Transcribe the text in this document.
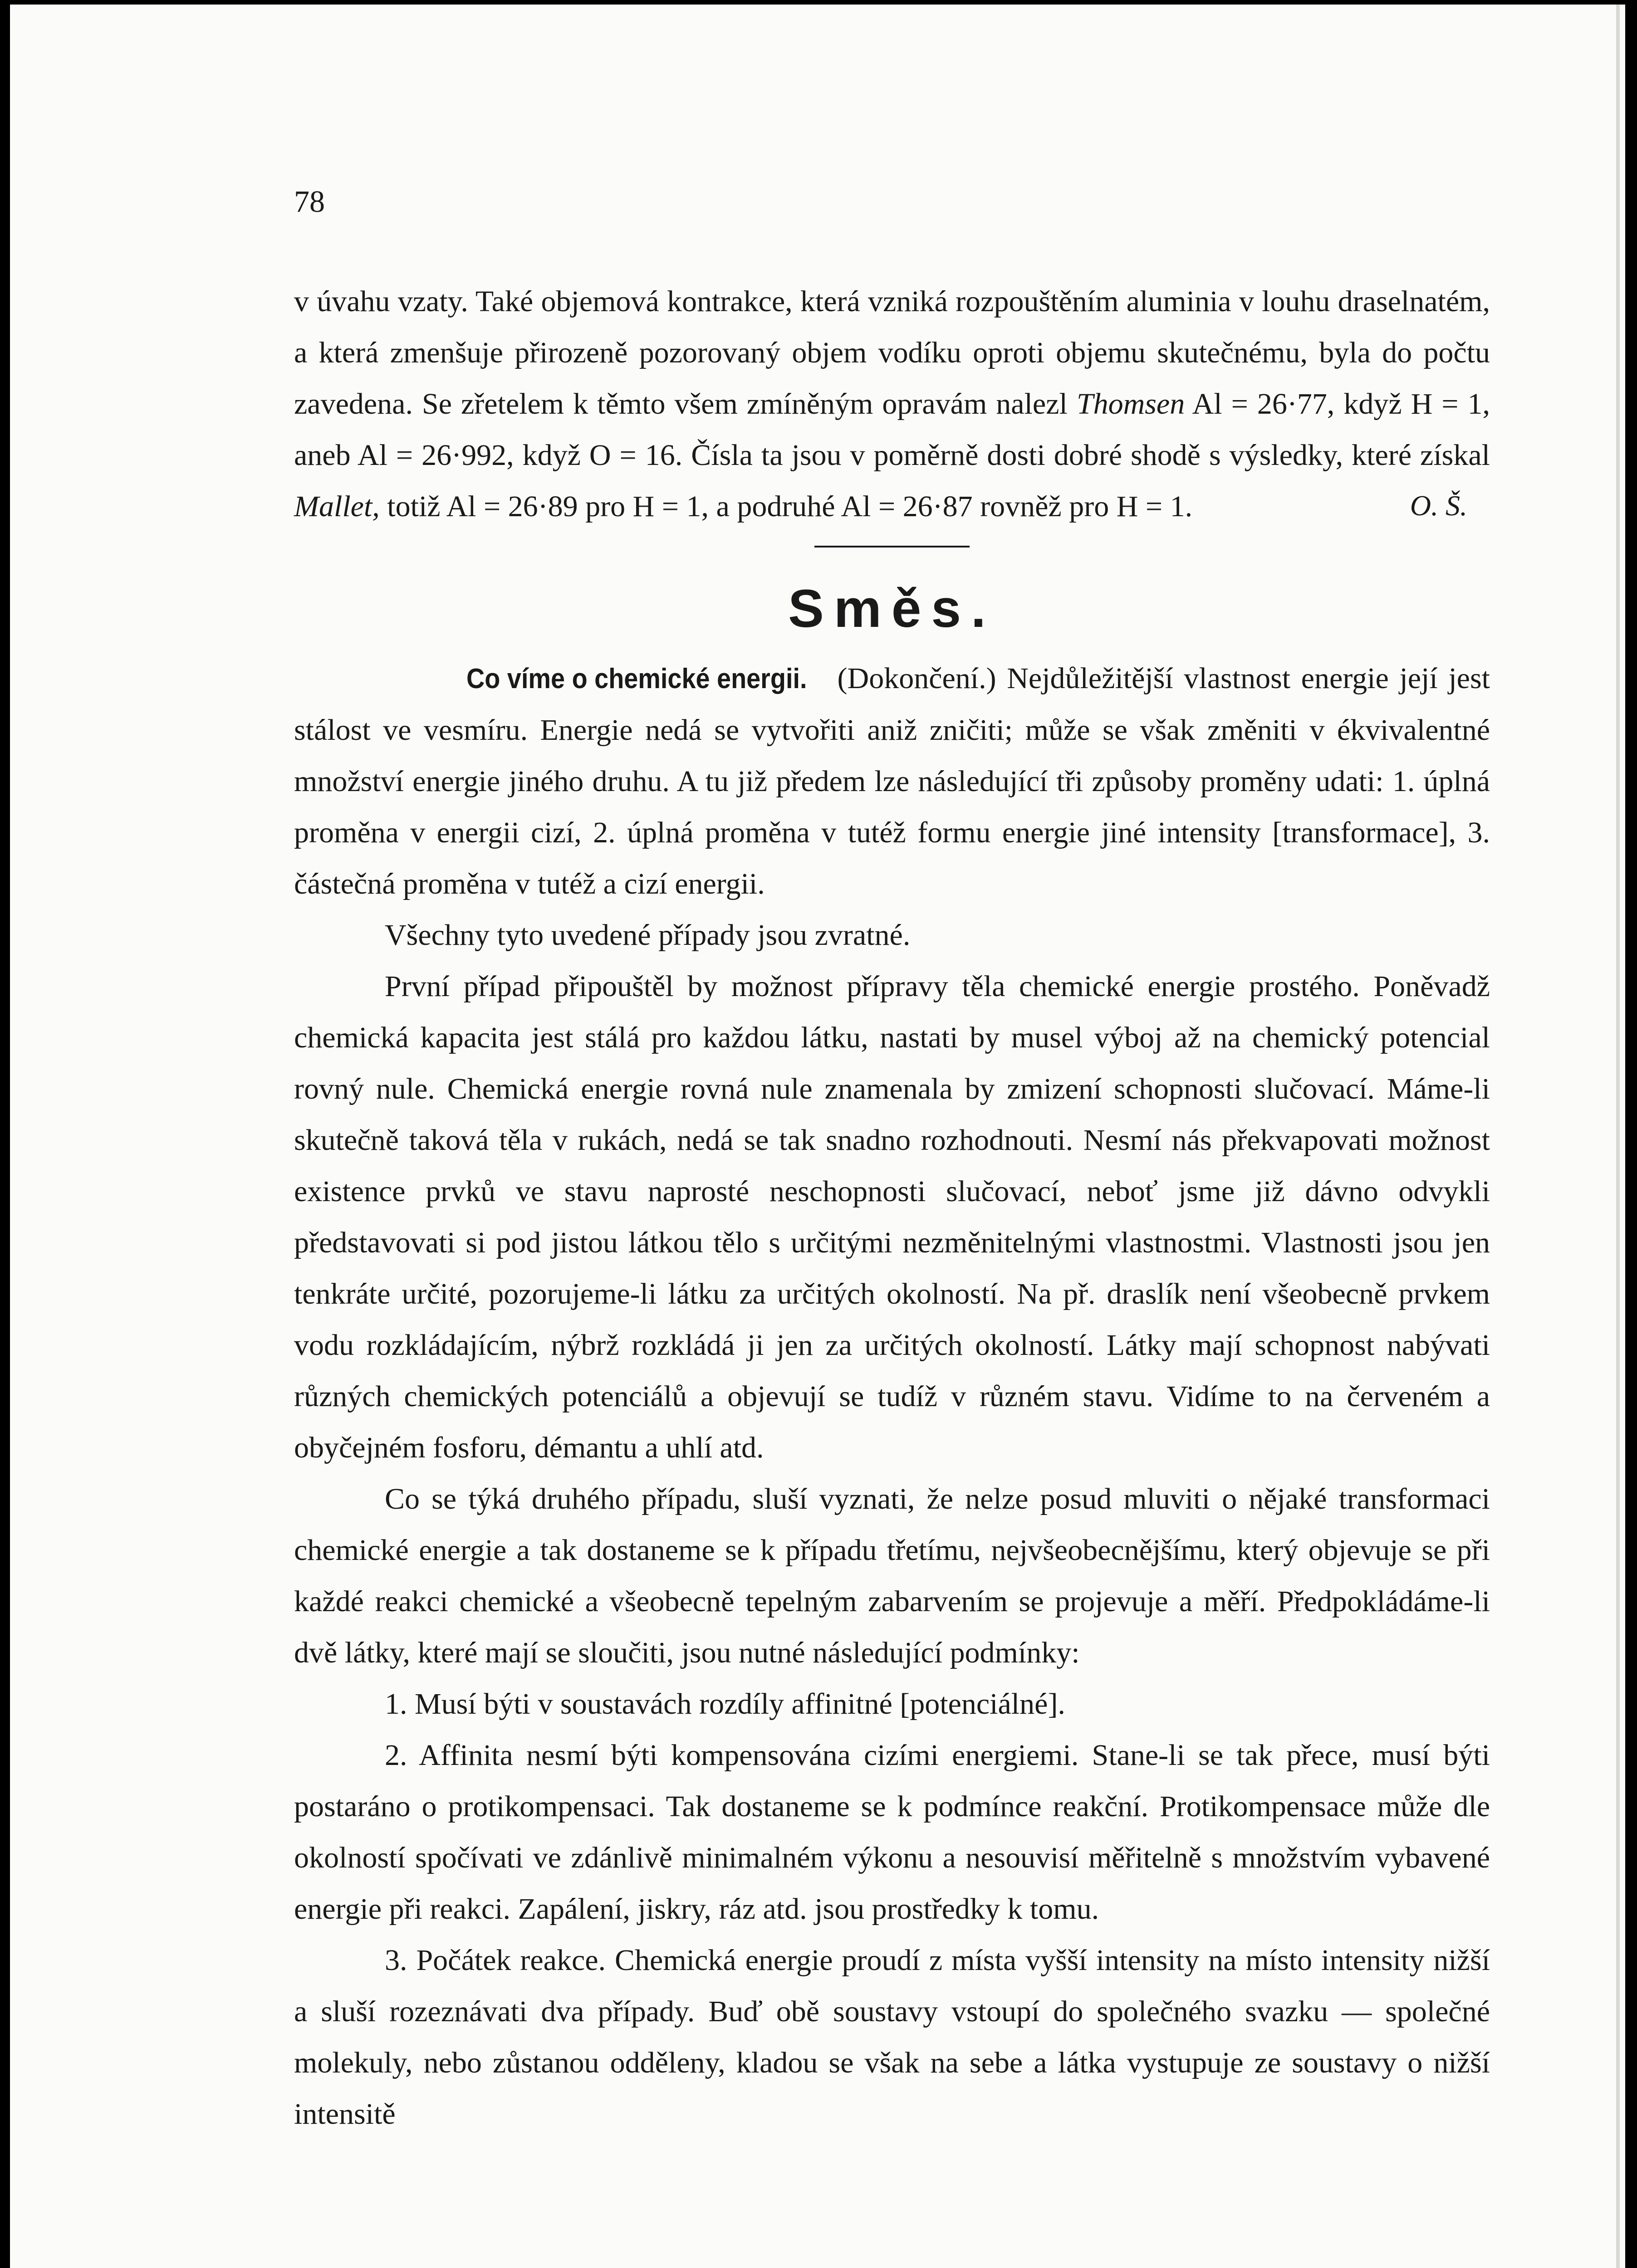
78

v úvahu vzaty. Také objemová kontrakce, která vzniká rozpouštěním aluminia v louhu draselnatém, a která zmenšuje přirozeně pozorovaný objem vodíku oproti objemu skutečnému, byla do počtu zavedena. Se zřetelem k těmto všem zmíněným opravám nalezl Thomsen Al = 26·77, když H = 1, aneb Al = 26·992, když O = 16. Čísla ta jsou v poměrně dosti dobré shodě s výsledky, které získal Mallet, totiž Al = 26·89 pro H = 1, a podruhé Al = 26·87 rovněž pro H = 1.	O. Š.
Směs.

Co víme o chemické energii. (Dokončení.) Nejdůležitější vlastnost energie její jest stálost ve vesmíru. Energie nedá se vytvořiti aniž zničiti; může se však změniti v ékvivalentné množství energie jiného druhu. A tu již předem lze následující tři způsoby proměny udati: 1. úplná proměna v energii cizí, 2. úplná proměna v tutéž formu energie jiné intensity [transformace], 3. částečná proměna v tutéž a cizí energii.

Všechny tyto uvedené případy jsou zvratné.

První případ připouštěl by možnost přípravy těla chemické energie prostého. Poněvadž chemická kapacita jest stálá pro každou látku, nastati by musel výboj až na chemický potencial rovný nule. Chemická energie rovná nule znamenala by zmizení schopnosti slučovací. Máme-li skutečně taková těla v rukách, nedá se tak snadno rozhodnouti. Nesmí nás překvapovati možnost existence prvků ve stavu naprosté neschopnosti slučovací, neboť jsme již dávno odvykli představovati si pod jistou látkou tělo s určitými nezměnitelnými vlastnostmi. Vlastnosti jsou jen tenkráte určité, pozorujeme-li látku za určitých okolností. Na př. draslík není všeobecně prvkem vodu rozkládajícím, nýbrž rozkládá ji jen za určitých okolností. Látky mají schopnost nabývati různých chemických potenciálů a objevují se tudíž v různém stavu. Vidíme to na červeném a obyčejném fosforu, démantu a uhlí atd.

Co se týká druhého případu, sluší vyznati, že nelze posud mluviti o nějaké transformaci chemické energie a tak dostaneme se k případu třetímu, nejvšeobecnějšímu, který objevuje se při každé reakci chemické a všeobecně tepelným zabarvením se projevuje a měří. Předpokládáme-li dvě látky, které mají se sloučiti, jsou nutné následující podmínky:

1. Musí býti v soustavách rozdíly affinitné [potenciálné].

2. Affinita nesmí býti kompensována cizími energiemi. Stane-li se tak přece, musí býti postaráno o protikompensaci. Tak dostaneme se k podmínce reakční. Protikompensace může dle okolností spočívati ve zdánlivě minimalném výkonu a nesouvisí měřitelně s množstvím vybavené energie při reakci. Zapálení, jiskry, ráz atd. jsou prostředky k tomu.

3. Počátek reakce. Chemická energie proudí z místa vyšší intensity na místo intensity nižší a sluší rozeznávati dva případy. Buď obě soustavy vstoupí do společného svazku — společné molekuly, nebo zůstanou odděleny, kladou se však na sebe a látka vystupuje ze soustavy o nižší intensitě
